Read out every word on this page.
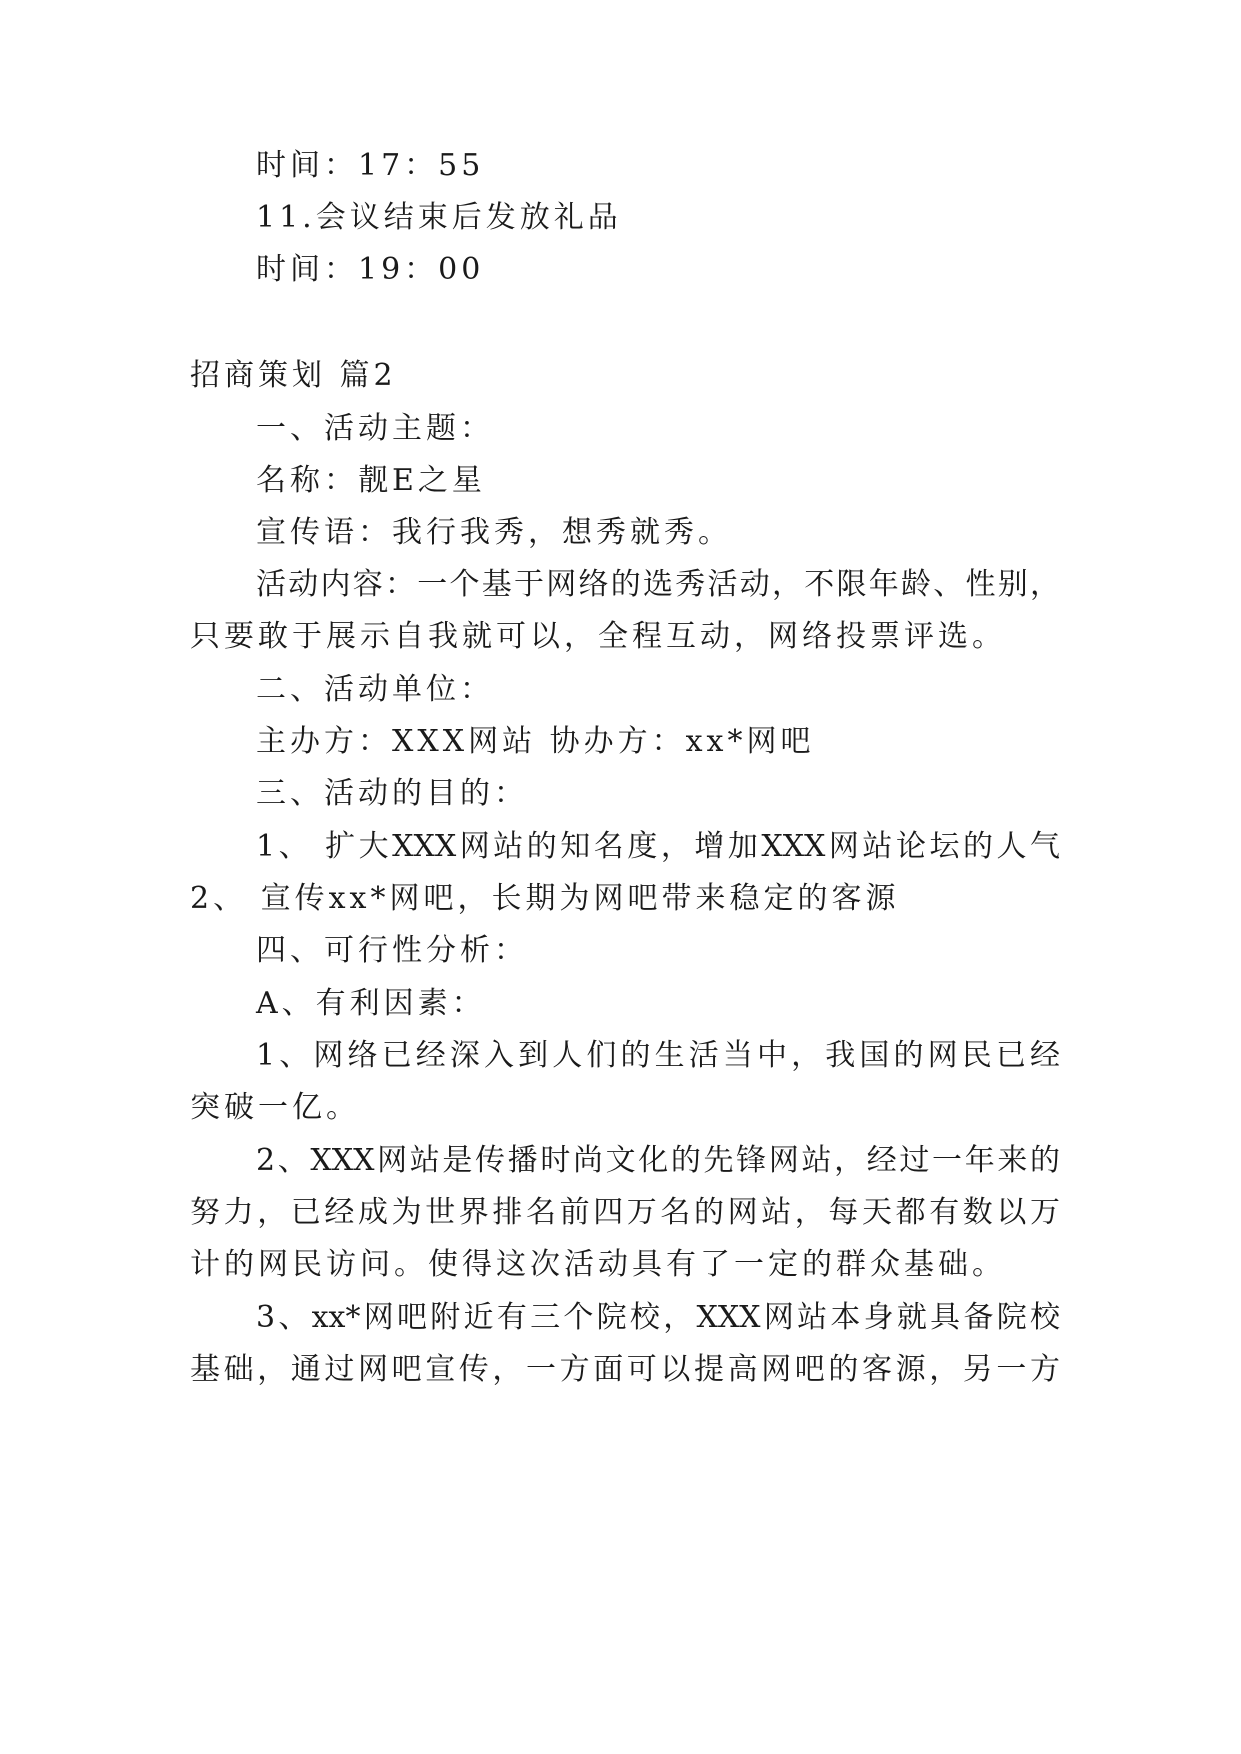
时间：17：55
11.会议结束后发放礼品
时间：19：00
招商策划 篇2
一、活动主题：
名称：靓E之星
宣传语：我行我秀，想秀就秀。
活动内容：一个基于网络的选秀活动，不限年龄、性别，
只要敢于展示自我就可以，全程互动，网络投票评选。
二、活动单位：
主办方：XXX网站 协办方：xx*网吧
三、活动的目的：
1、 扩大XXX网站的知名度，增加XXX网站论坛的人气
2、 宣传xx*网吧，长期为网吧带来稳定的客源
四、可行性分析：
A、有利因素：
1、网络已经深入到人们的生活当中，我国的网民已经
突破一亿。
2、XXX网站是传播时尚文化的先锋网站，经过一年来的
努力，已经成为世界排名前四万名的网站，每天都有数以万
计的网民访问。使得这次活动具有了一定的群众基础。
3、xx*网吧附近有三个院校，XXX网站本身就具备院校
基础，通过网吧宣传，一方面可以提高网吧的客源，另一方
